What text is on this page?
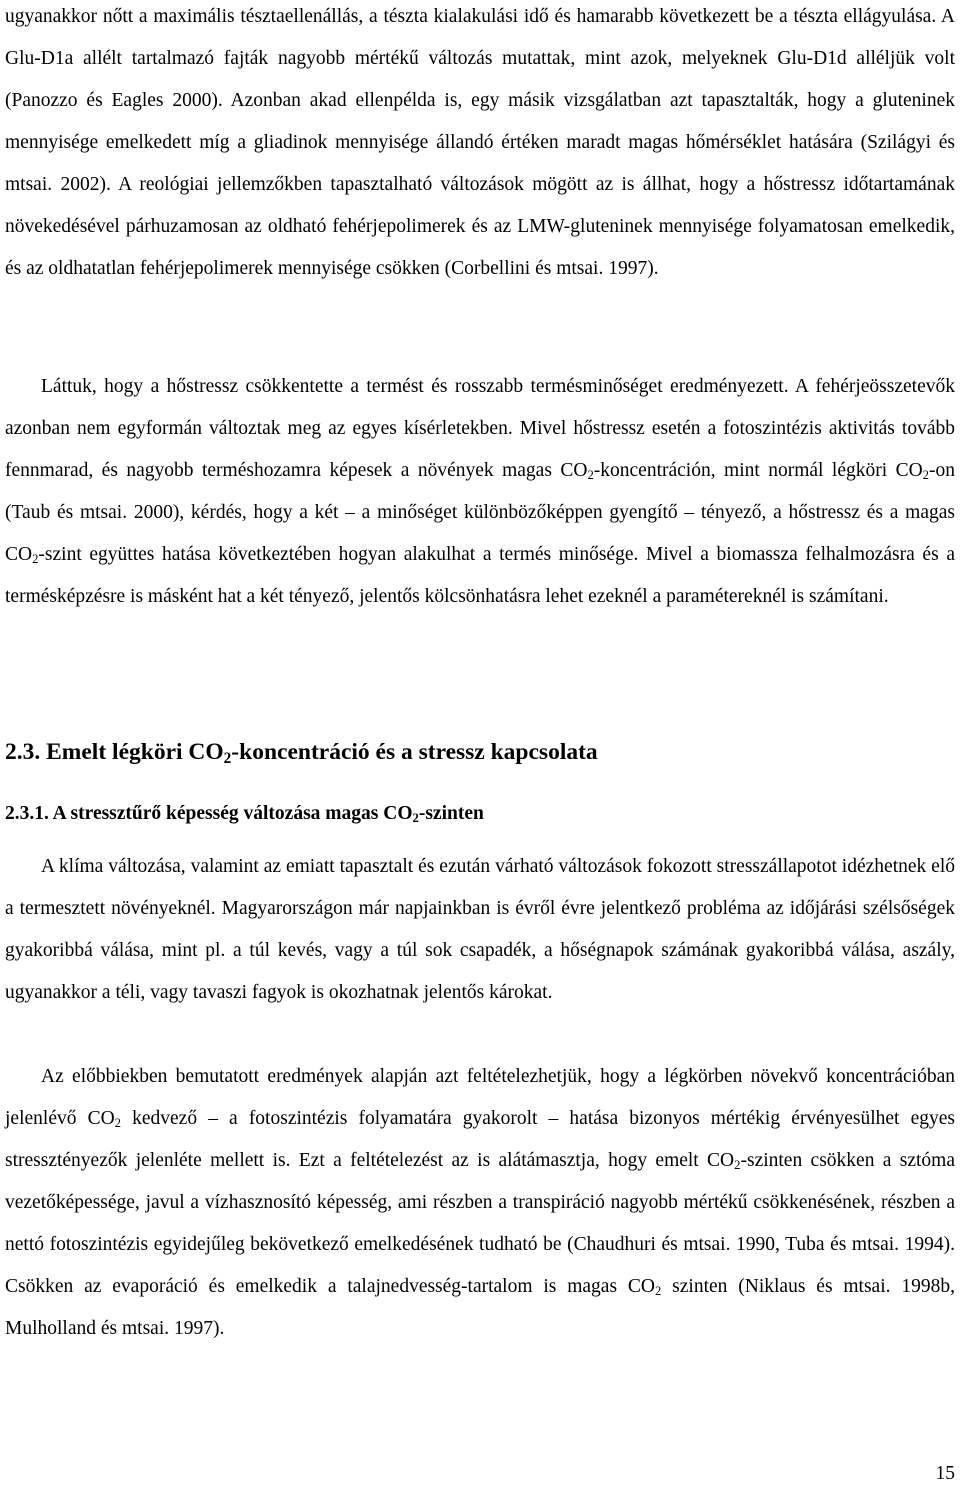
ugyanakkor nőtt a maximális tésztaellenállás, a tészta kialakulási idő és hamarabb következett be a tészta ellágyulása. A Glu-D1a allélt tartalmazó fajták nagyobb mértékű változás mutattak, mint azok, melyeknek Glu-D1d alléljük volt (Panozzo és Eagles 2000). Azonban akad ellenpélda is, egy másik vizsgálatban azt tapasztalták, hogy a gluteninek mennyisége emelkedett míg a gliadinok mennyisége állandó értéken maradt magas hőmérséklet hatására (Szilágyi és mtsai. 2002). A reológiai jellemzőkben tapasztalható változások mögött az is állhat, hogy a hőstressz időtartamának növekedésével párhuzamosan az oldható fehérjepolimerek és az LMW-gluteninek mennyisége folyamatosan emelkedik, és az oldhatatlan fehérjepolimerek mennyisége csökken (Corbellini és mtsai. 1997).

Láttuk, hogy a hőstressz csökkentette a termést és rosszabb termésminőséget eredményezett. A fehérjeösszetevők azonban nem egyformán változtak meg az egyes kísérletekben. Mivel hőstressz esetén a fotoszintézis aktivitás tovább fennmarad, és nagyobb terméshozamra képesek a növények magas $CO_2$-koncentráción, mint normál légköri $CO_2-on$ (Taub és mtsai. 2000), kérdés, hogy a két – a minőséget különbözőképpen gyengítő – tényező, a hőstressz és a magas $CO_2$-szint együttes hatása következtében hogyan alakulhat a termés minősége. Mivel a biomassza felhalmozásra és a termésképzésre is másként hat a két tényező, jelentős kölcsönhatásra lehet ezeknél a paramétereknél is számítani.

2.3. Emelt légköri $CO_2$-koncentráció és a stressz kapcsolata
2.3.1. A stressztűrő képesség változása magas $CO_2$-szinten

A klíma változása, valamint az emiatt tapasztalt és ezután várható változások fokozott stresszállapotot idézhetnek elő a termesztett növényeknél. Magyarországon már napjainkban is évről évre jelentkező probléma az időjárási szélsőségek gyakoribbá válása, mint pl. a túl kevés, vagy a túl sok csapadék, a hőségnapok számának gyakoribbá válása, aszály, ugyanakkor a téli, vagy tavaszi fagyok is okozhatnak jelentős károkat.

Az előbbiekben bemutatott eredmények alapján azt feltételezhetjük, hogy a légkörben növekvő koncentrációban jelenlévő $CO_2$ kedvező – a fotoszintézis folyamatára gyakorolt – hatása bizonyos mértékig érvényesülhet egyes stressztényezők jelenléte mellett is. Ezt a feltételezést az is alátámasztja, hogy emelt $CO_2$-szinten csökken a sztóma vezetőképessége, javul a vízhasznosító képesség, ami részben a transpiráció nagyobb mértékű csökkenésének, részben a nettó fotoszintézis egyidejűleg bekövetkező emelkedésének tudható be (Chaudhuri és mtsai. 1990, Tuba és mtsai. 1994). Csökken az evaporáció és emelkedik a talajnedvesség-tartalom is magas $CO_2$ szinten (Niklaus és mtsai. 1998b, Mulholland és mtsai. 1997).

15
